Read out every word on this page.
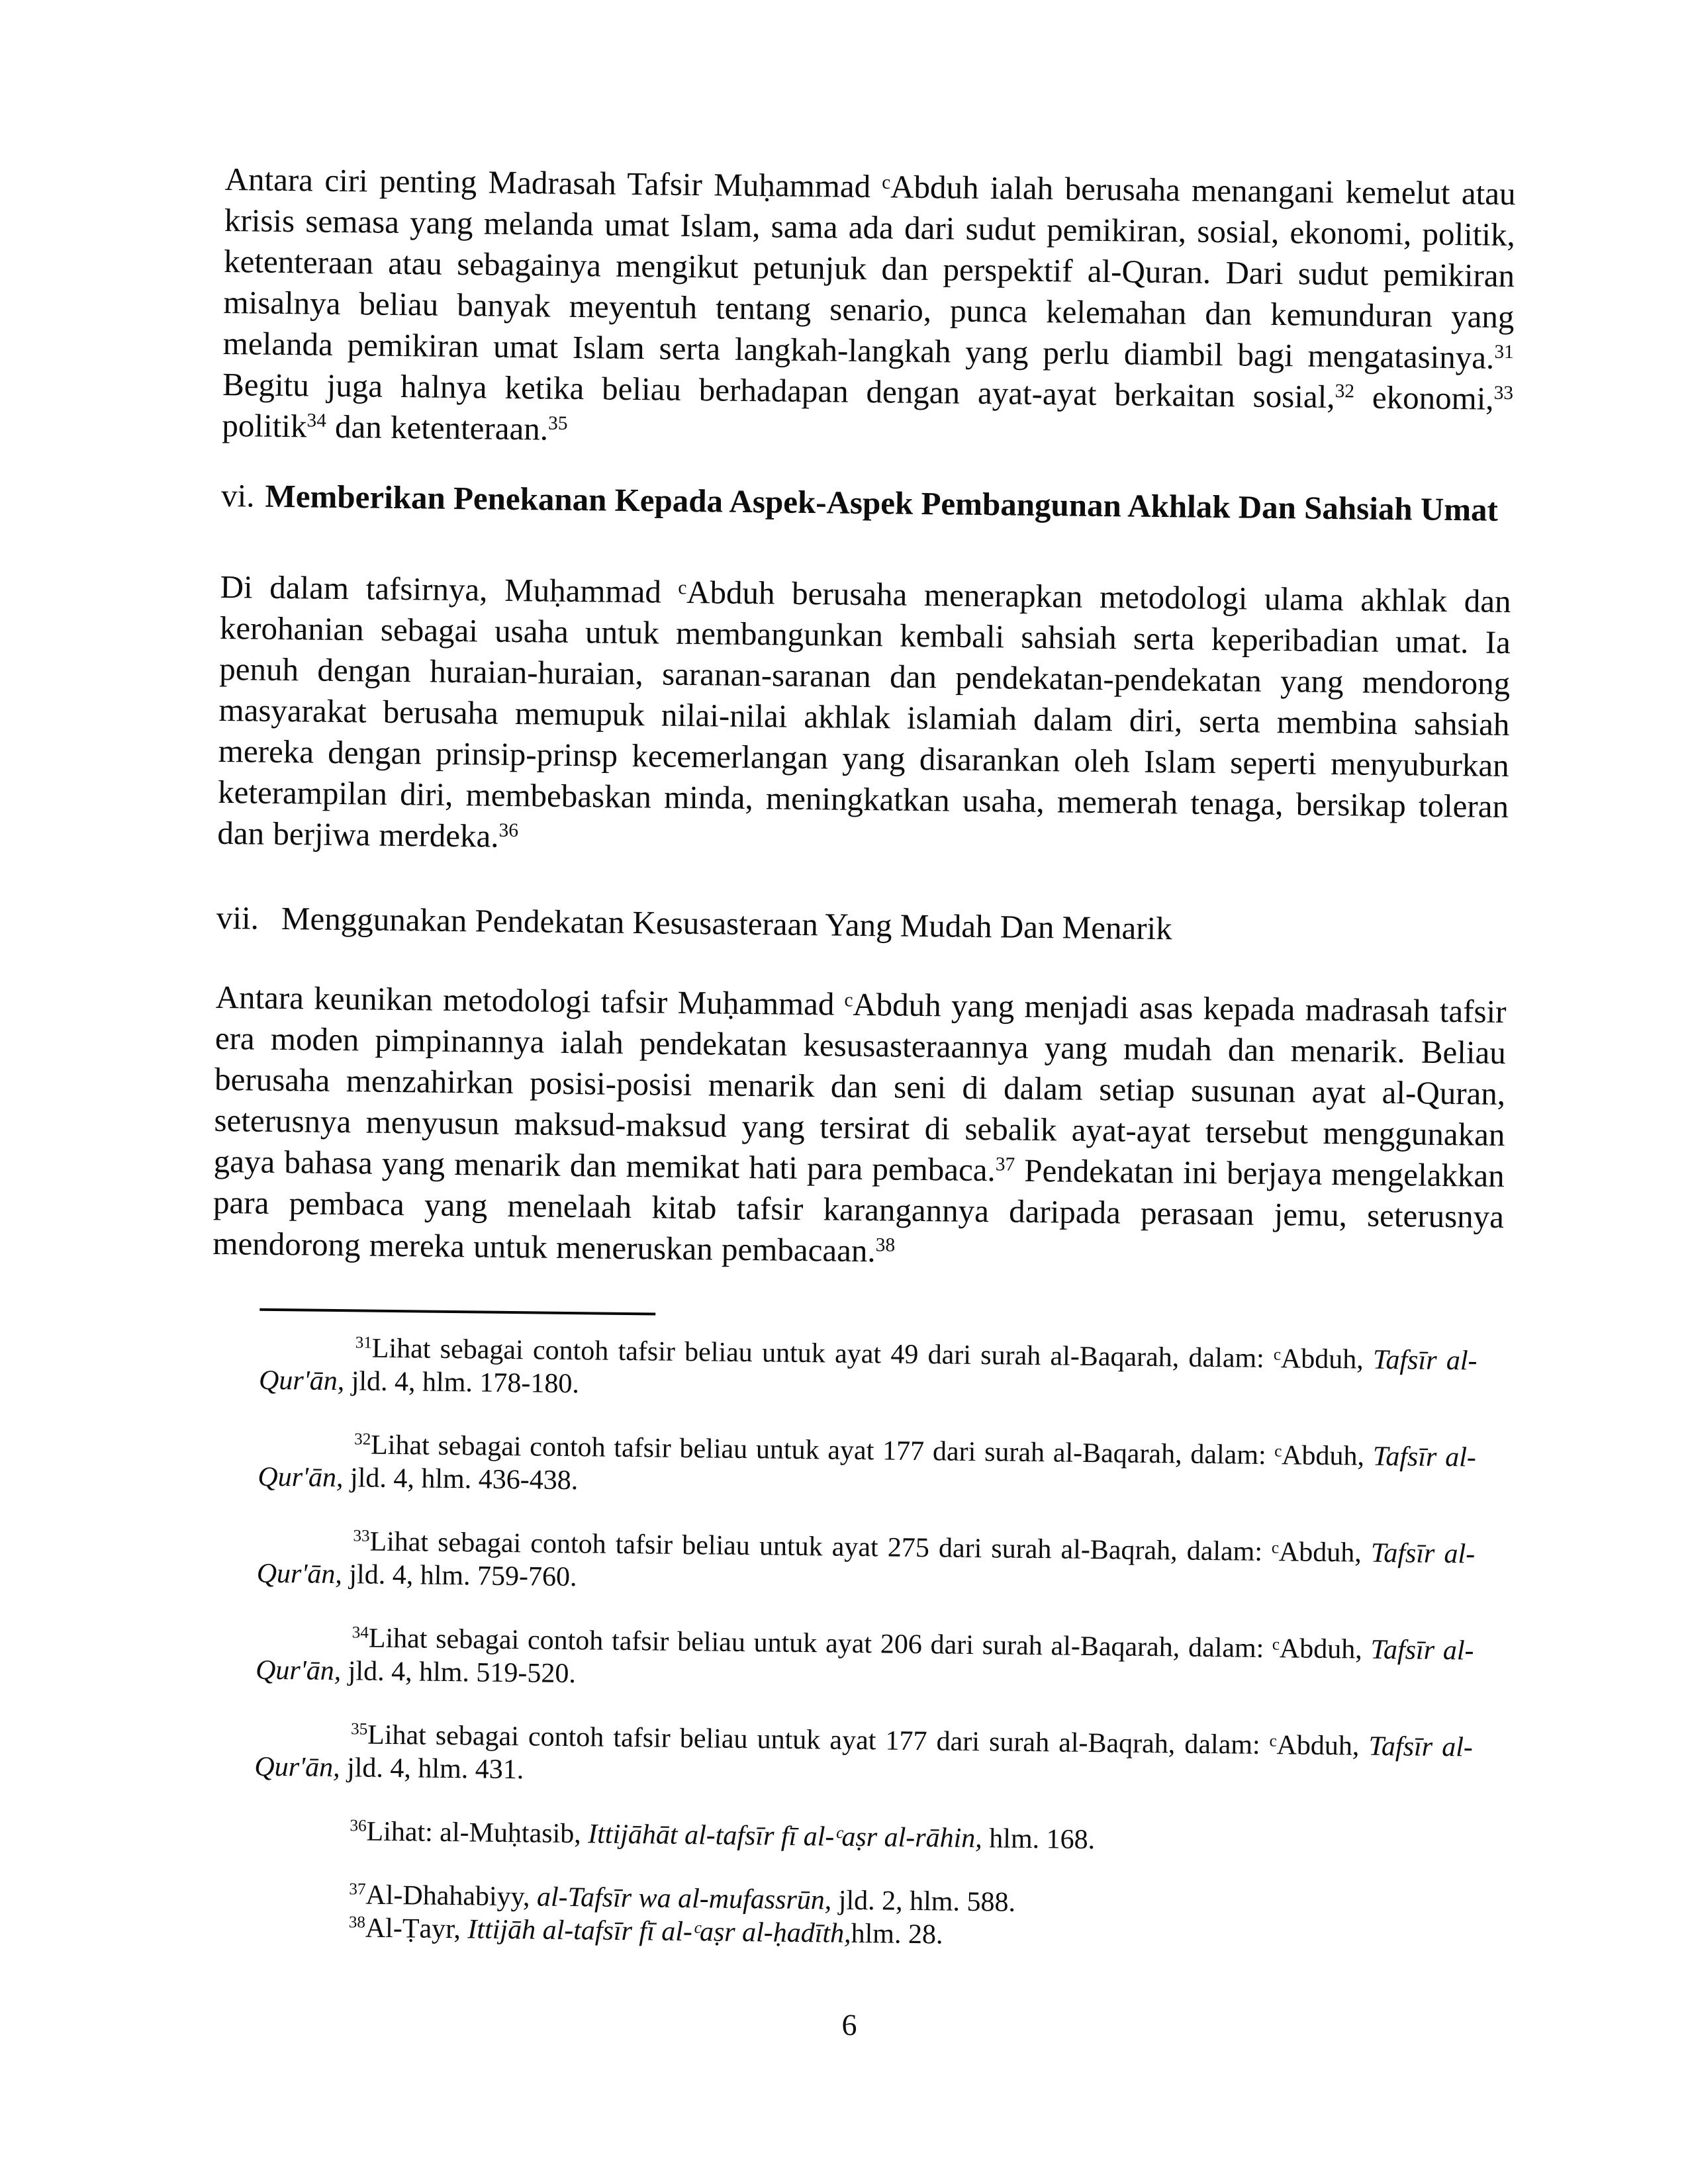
Antara ciri penting Madrasah Tafsir Muḥammad ᶜAbduh ialah berusaha menangani kemelut atau krisis semasa yang melanda umat Islam, sama ada dari sudut pemikiran, sosial, ekonomi, politik, ketenteraan atau sebagainya mengikut petunjuk dan perspektif al-Quran. Dari sudut pemikiran misalnya beliau banyak meyentuh tentang senario, punca kelemahan dan kemunduran yang melanda pemikiran umat Islam serta langkah-langkah yang perlu diambil bagi mengatasinya.$^{31}$ Begitu juga halnya ketika beliau berhadapan dengan ayat-ayat berkaitan sosial,$^{32}$ ekonomi,$^{33}$ politik$^{34}$ dan ketenteraan.$^{35}$

vi. Memberikan Penekanan Kepada Aspek-Aspek Pembangunan Akhlak Dan Sahsiah Umat

Di dalam tafsirnya, Muḥammad ᶜAbduh berusaha menerapkan metodologi ulama akhlak dan kerohanian sebagai usaha untuk membangunkan kembali sahsiah serta keperibadian umat. Ia penuh dengan huraian-huraian, saranan-saranan dan pendekatan-pendekatan yang mendorong masyarakat berusaha memupuk nilai-nilai akhlak islamiah dalam diri, serta membina sahsiah mereka dengan prinsip-prinsp kecemerlangan yang disarankan oleh Islam seperti menyuburkan keterampilan diri, membebaskan minda, meningkatkan usaha, memerah tenaga, bersikap toleran dan berjiwa merdeka.$^{36}$

vii. Menggunakan Pendekatan Kesusasteraan Yang Mudah Dan Menarik

Antara keunikan metodologi tafsir Muḥammad ᶜAbduh yang menjadi asas kepada madrasah tafsir era moden pimpinannya ialah pendekatan kesusasteraannya yang mudah dan menarik. Beliau berusaha menzahirkan posisi-posisi menarik dan seni di dalam setiap susunan ayat al-Quran, seterusnya menyusun maksud-maksud yang tersirat di sebalik ayat-ayat tersebut menggunakan gaya bahasa yang menarik dan memikat hati para pembaca.$^{37}$ Pendekatan ini berjaya mengelakkan para pembaca yang menelaah kitab tafsir karangannya daripada perasaan jemu, seterusnya mendorong mereka untuk meneruskan pembacaan.$^{38}$

$^{31}$Lihat sebagai contoh tafsir beliau untuk ayat 49 dari surah al-Baqarah, dalam: ᶜAbduh, Tafsīr al-Qur'ān, jld. 4, hlm. 178-180.

$^{32}$Lihat sebagai contoh tafsir beliau untuk ayat 177 dari surah al-Baqarah, dalam: ᶜAbduh, Tafsīr al-Qur'ān, jld. 4, hlm. 436-438.

$^{33}$Lihat sebagai contoh tafsir beliau untuk ayat 275 dari surah al-Baqrah, dalam: ᶜAbduh, Tafsīr al-Qur'ān, jld. 4, hlm. 759-760.

$^{34}$Lihat sebagai contoh tafsir beliau untuk ayat 206 dari surah al-Baqarah, dalam: ᶜAbduh, Tafsīr al-Qur'ān, jld. 4, hlm. 519-520.

$^{35}$Lihat sebagai contoh tafsir beliau untuk ayat 177 dari surah al-Baqrah, dalam: ᶜAbduh, Tafsīr al-Qur'ān, jld. 4, hlm. 431.

$^{36}$Lihat: al-Muḥtasib, Ittijāhāt al-tafsīr fī al-ᶜaṣr al-rāhin, hlm. 168.

$^{37}$Al-Dhahabiyy, al-Tafsīr wa al-mufassrūn, jld. 2, hlm. 588.

$^{38}$Al-Ṭayr, Ittijāh al-tafsīr fī al-ᶜaṣr al-ḥadīth,hlm. 28.

6
